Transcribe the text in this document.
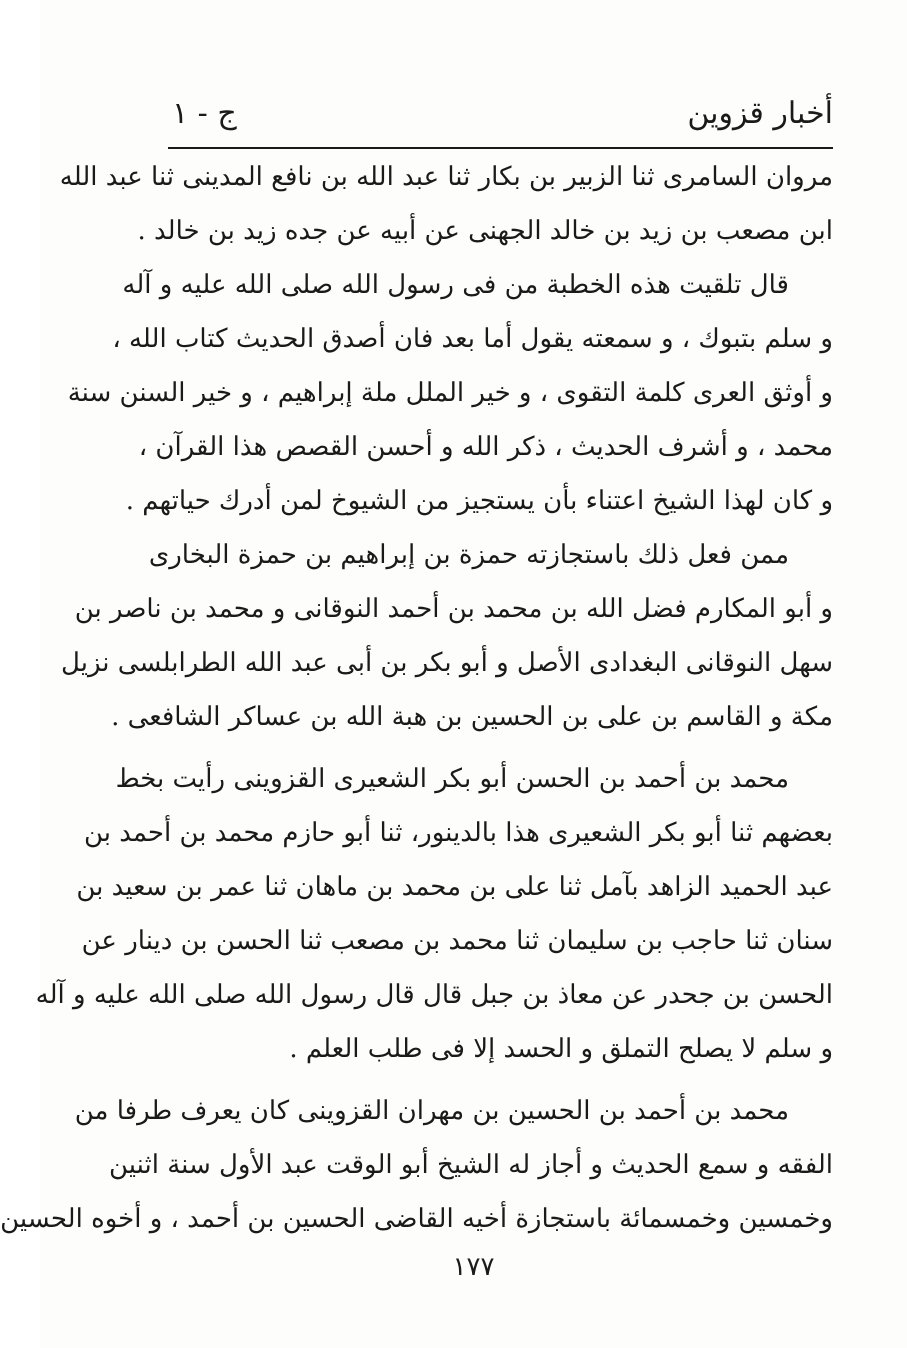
أخبار قزوين
ج - ١
مروان السامرى ثنا الزبير بن بكار ثنا عبد الله بن نافع المدينى ثنا عبد الله
ابن مصعب بن زيد بن خالد الجهنى عن أبيه عن جده زيد بن خالد .
قال تلقيت هذه الخطبة من فى رسول الله صلى الله عليه و آله
و سلم بتبوك ، و سمعته يقول أما بعد فان أصدق الحديث كتاب الله ،
و أوثق العرى كلمة التقوى ، و خير الملل ملة إبراهيم ، و خير السنن سنة
محمد ، و أشرف الحديث ، ذكر الله و أحسن القصص هذا القرآن ،
و كان لهذا الشيخ اعتناء بأن يستجيز من الشيوخ لمن أدرك حياتهم .
ممن فعل ذلك باستجازته حمزة بن إبراهيم بن حمزة البخارى
و أبو المكارم فضل الله بن محمد بن أحمد النوقانى و محمد بن ناصر بن
سهل النوقانى البغدادى الأصل و أبو بكر بن أبى عبد الله الطرابلسى نزيل
مكة و القاسم بن على بن الحسين بن هبة الله بن عساكر الشافعى .
محمد بن أحمد بن الحسن أبو بكر الشعيرى القزوينى رأيت بخط
بعضهم ثنا أبو بكر الشعيرى هذا بالدينور، ثنا أبو حازم محمد بن أحمد بن
عبد الحميد الزاهد بآمل ثنا على بن محمد بن ماهان ثنا عمر بن سعيد بن
سنان ثنا حاجب بن سليمان ثنا محمد بن مصعب ثنا الحسن بن دينار عن
الحسن بن جحدر عن معاذ بن جبل قال قال رسول الله صلى الله عليه و آله
و سلم لا يصلح التملق و الحسد إلا فى طلب العلم .
محمد بن أحمد بن الحسين بن مهران القزوينى كان يعرف طرفا من
الفقه و سمع الحديث و أجاز له الشيخ أبو الوقت عبد الأول سنة اثنين
وخمسين وخمسمائة باستجازة أخيه القاضى الحسين بن أحمد ، و أخوه الحسين
١٧٧
